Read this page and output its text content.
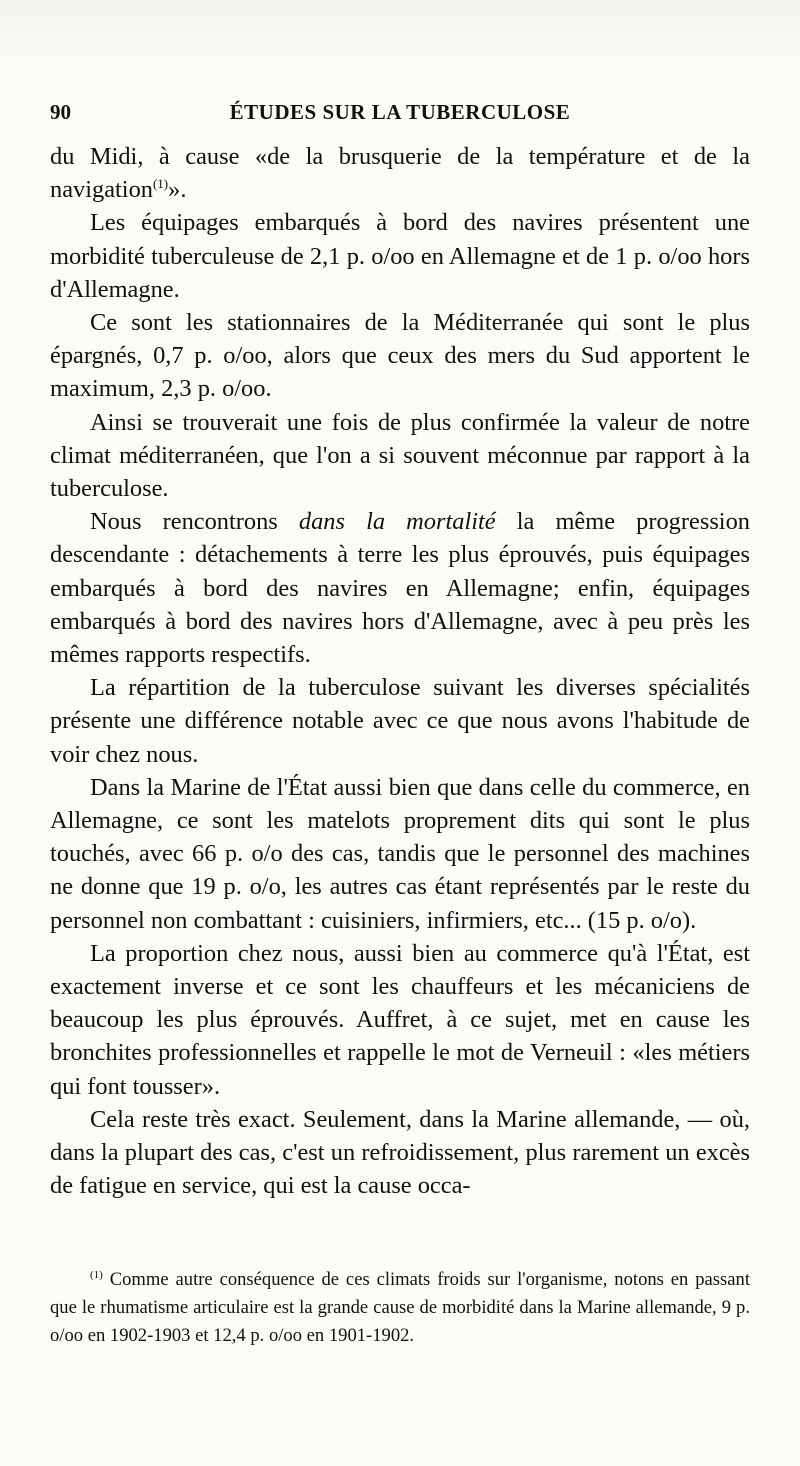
90	ÉTUDES SUR LA TUBERCULOSE

du Midi, à cause «de la brusquerie de la température et de la navigation$^{(1)}$».

Les équipages embarqués à bord des navires présentent une morbidité tuberculeuse de 2,1 p. o/oo en Allemagne et de 1 p. o/oo hors d'Allemagne.

Ce sont les stationnaires de la Méditerranée qui sont le plus épargnés, 0,7 p. o/oo, alors que ceux des mers du Sud apportent le maximum, 2,3 p. o/oo.

Ainsi se trouverait une fois de plus confirmée la valeur de notre climat méditerranéen, que l'on a si souvent méconnue par rapport à la tuberculose.

Nous rencontrons dans la mortalité la même progression descendante : détachements à terre les plus éprouvés, puis équipages embarqués à bord des navires en Allemagne; enfin, équipages embarqués à bord des navires hors d'Allemagne, avec à peu près les mêmes rapports respectifs.

La répartition de la tuberculose suivant les diverses spécialités présente une différence notable avec ce que nous avons l'habitude de voir chez nous.

Dans la Marine de l'État aussi bien que dans celle du commerce, en Allemagne, ce sont les matelots proprement dits qui sont le plus touchés, avec 66 p. o/o des cas, tandis que le personnel des machines ne donne que 19 p. o/o, les autres cas étant représentés par le reste du personnel non combattant : cuisiniers, infirmiers, etc... (15 p. o/o).

La proportion chez nous, aussi bien au commerce qu'à l'État, est exactement inverse et ce sont les chauffeurs et les mécaniciens de beaucoup les plus éprouvés. Auffret, à ce sujet, met en cause les bronchites professionnelles et rappelle le mot de Verneuil : «les métiers qui font tousser».

Cela reste très exact. Seulement, dans la Marine allemande, — où, dans la plupart des cas, c'est un refroidissement, plus rarement un excès de fatigue en service, qui est la cause occa-

$^{(1)}$ Comme autre conséquence de ces climats froids sur l'organisme, notons en passant que le rhumatisme articulaire est la grande cause de morbidité dans la Marine allemande, 9 p. o/oo en 1902-1903 et 12,4 p. o/oo en 1901-1902.
